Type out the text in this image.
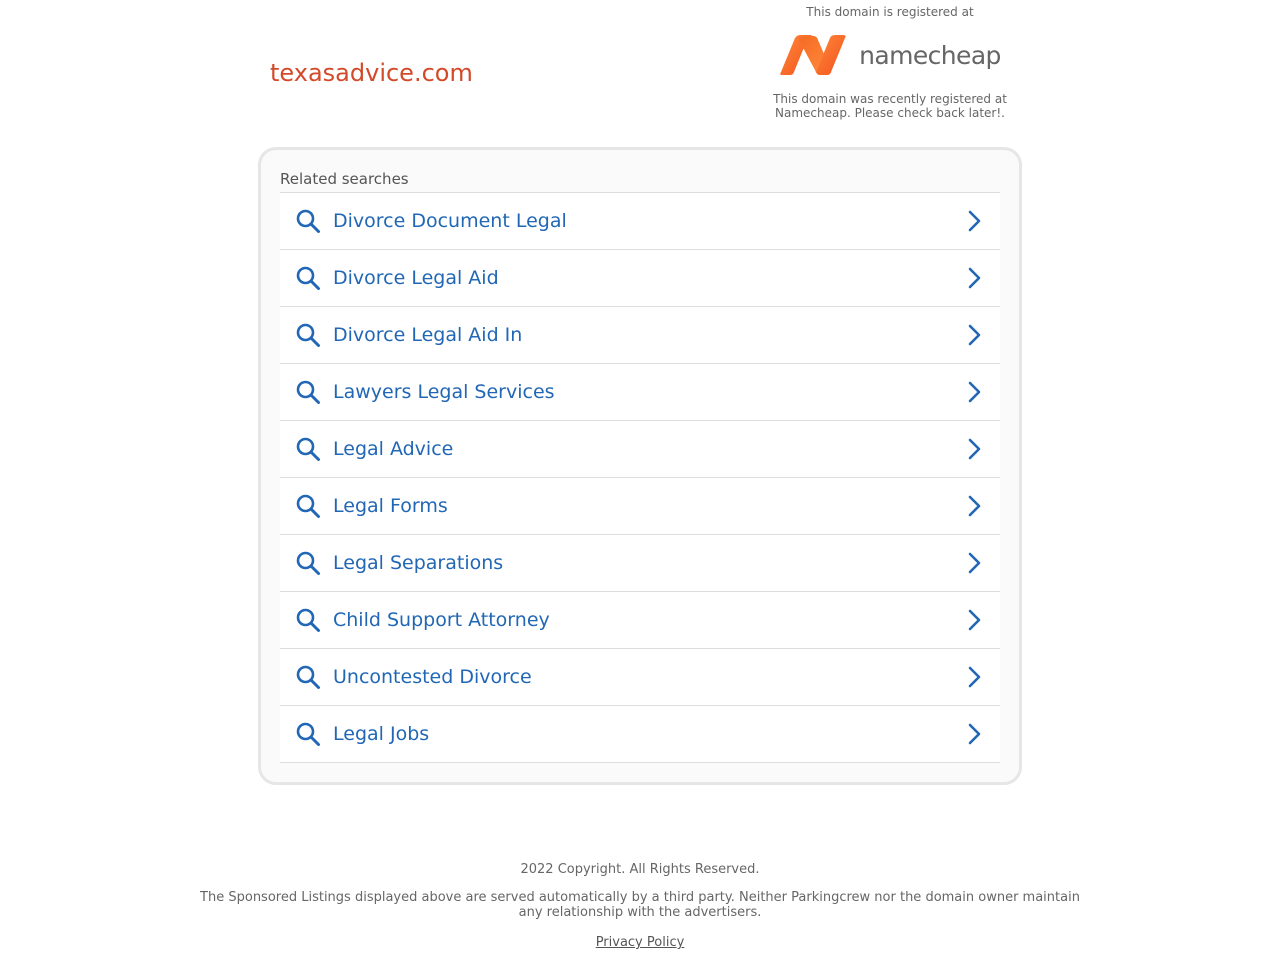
texasadvice.com
This domain is registered at
namecheap
This domain was recently registered at Namecheap. Please check back later!.
Related searches
Divorce Document Legal
Divorce Legal Aid
Divorce Legal Aid In
Lawyers Legal Services
Legal Advice
Legal Forms
Legal Separations
Child Support Attorney
Uncontested Divorce
Legal Jobs
2022 Copyright. All Rights Reserved.
The Sponsored Listings displayed above are served automatically by a third party. Neither Parkingcrew nor the domain owner maintain any relationship with the advertisers.
Privacy Policy
